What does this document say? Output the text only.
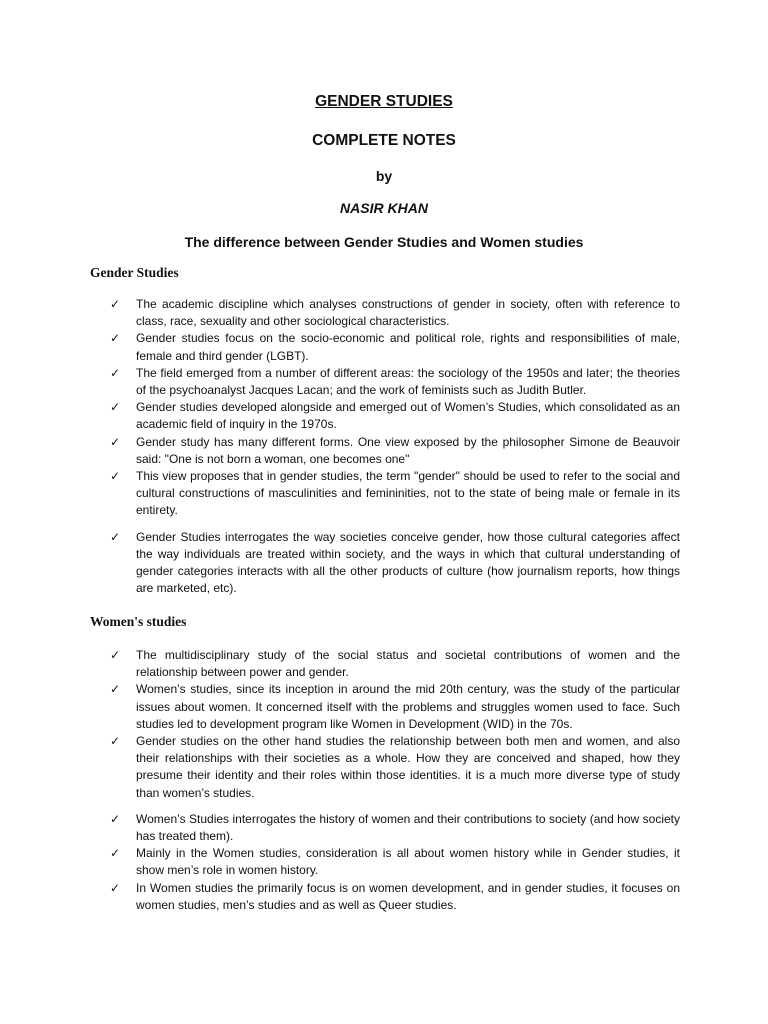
GENDER STUDIES
COMPLETE NOTES
by
NASIR KHAN
The difference between Gender Studies and Women studies
Gender Studies
✓ The academic discipline which analyses constructions of gender in society, often with reference to class, race, sexuality and other sociological characteristics.
✓ Gender studies focus on the socio-economic and political role, rights and responsibilities of male, female and third gender (LGBT).
✓ The field emerged from a number of different areas: the sociology of the 1950s and later; the theories of the psychoanalyst Jacques Lacan; and the work of feminists such as Judith Butler.
✓ Gender studies developed alongside and emerged out of Women’s Studies, which consolidated as an academic field of inquiry in the 1970s.
✓ Gender study has many different forms. One view exposed by the philosopher Simone de Beauvoir said: "One is not born a woman, one becomes one"
✓ This view proposes that in gender studies, the term "gender" should be used to refer to the social and cultural constructions of masculinities and femininities, not to the state of being male or female in its entirety.
✓ Gender Studies interrogates the way societies conceive gender, how those cultural categories affect the way individuals are treated within society, and the ways in which that cultural understanding of gender categories interacts with all the other products of culture (how journalism reports, how things are marketed, etc).
Women's studies
✓ The multidisciplinary study of the social status and societal contributions of women and the relationship between power and gender.
✓ Women’s studies, since its inception in around the mid 20th century, was the study of the particular issues about women. It concerned itself with the problems and struggles women used to face. Such studies led to development program like Women in Development (WID) in the 70s.
✓ Gender studies on the other hand studies the relationship between both men and women, and also their relationships with their societies as a whole. How they are conceived and shaped, how they presume their identity and their roles within those identities. it is a much more diverse type of study than women’s studies.
✓ Women’s Studies interrogates the history of women and their contributions to society (and how society has treated them).
✓ Mainly in the Women studies, consideration is all about women history while in Gender studies, it show men’s role in women history.
✓ In Women studies the primarily focus is on women development, and in gender studies, it focuses on women studies, men’s studies and as well as Queer studies.
